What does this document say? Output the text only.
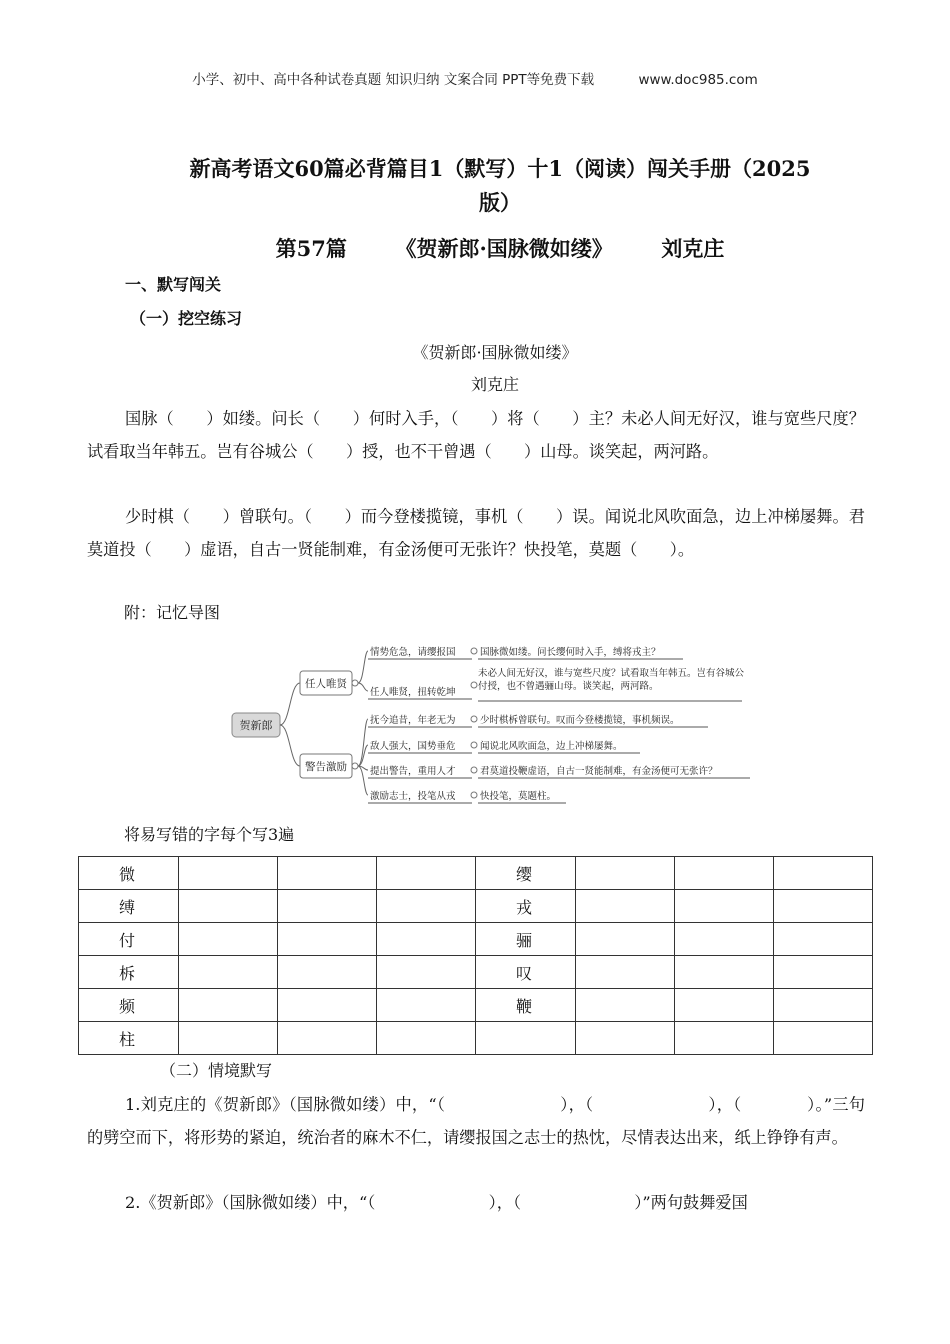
小学、初中、高中各种试卷真题 知识归纳 文案合同 PPT等免费下载	www.doc985.com
新高考语文60篇必背篇目1（默写）十1（阅读）闯关手册（2025
版）
第57篇 《贺新郎·国脉微如缕》 刘克庄
一、默写闯关
（一）挖空练习
《贺新郎·国脉微如缕》
刘克庄
国脉（　　）如缕。问长（　　）何时入手，（　　）将（　　）主？未必人间无好汉，谁与宽些尺度？试看取当年韩五。岂有谷城公（　　）授，也不干曾遇（　　）山母。谈笑起，两河路。
少时棋（　　）曾联句。（　　）而今登楼揽镜，事机（　　）误。闻说北风吹面急，边上冲梯屡舞。君莫道投（　　）虚语，自古一贤能制难，有金汤便可无张许？快投笔，莫题（　　）。
附：记忆导图
贺新郎
任人唯贤
警告激励
情势危急，请缨报国	国脉微如缕。问长缨何时入手，缚将戎主？
任人唯贤，扭转乾坤
未必人间无好汉，谁与宽些尺度？试看取当年韩五。岂有谷城公付授，也不曾遇骊山母。谈笑起，两河路。
抚今追昔，年老无为	少时棋柝曾联句。叹而今登楼揽镜，事机频误。
敌人强大，国势垂危	闻说北风吹面急，边上冲梯屡舞。
提出警告，重用人才	君莫道投鞭虚语，自古一贤能制难，有金汤便可无张许？
激励志士，投笔从戎	快投笔，莫题柱。
将易写错的字每个写3遍
微				缨			
缚				戎			
付				骊			
柝				叹			
频				鞭			
柱							
（二）情境默写
1.刘克庄的《贺新郎》（国脉微如缕）中，“（　　　　　　　），（　　　　　　　），（　　　　）。”三句的劈空而下，将形势的紧迫，统治者的麻木不仁，请缨报国之志士的热忱，尽情表达出来，纸上铮铮有声。
2.《贺新郎》（国脉微如缕）中，“（　　　　　　　），（　　　　　　　）”两句鼓舞爱国
